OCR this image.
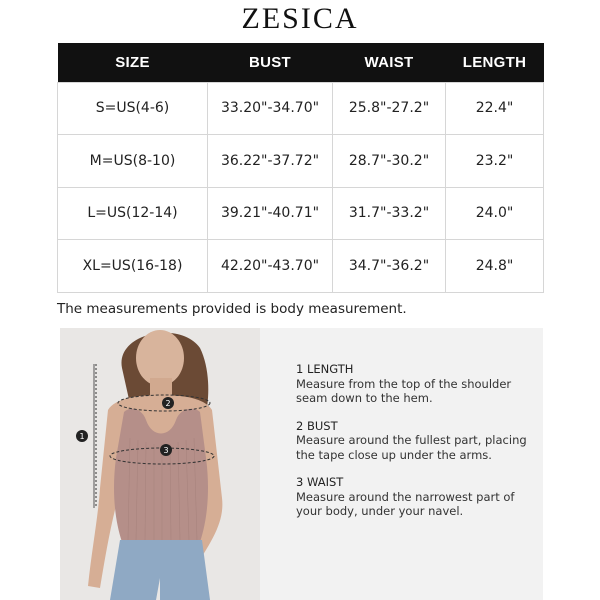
ZESICA
SIZE	BUST	WAIST	LENGTH
S=US(4-6)	33.20"-34.70"	25.8"-27.2"	22.4"
M=US(8-10)	36.22"-37.72"	28.7"-30.2"	23.2"
L=US(12-14)	39.21"-40.71"	31.7"-33.2"	24.0"
XL=US(16-18)	42.20"-43.70"	34.7"-36.2"	24.8"
The measurements provided is body measurement.
1
2
3
1 LENGTH
Measure from the top of the shoulder seam down to the hem.
2 BUST
Measure around the fullest part, placing the tape close up under the arms.
3 WAIST
Measure around the narrowest part of your body, under your navel.
